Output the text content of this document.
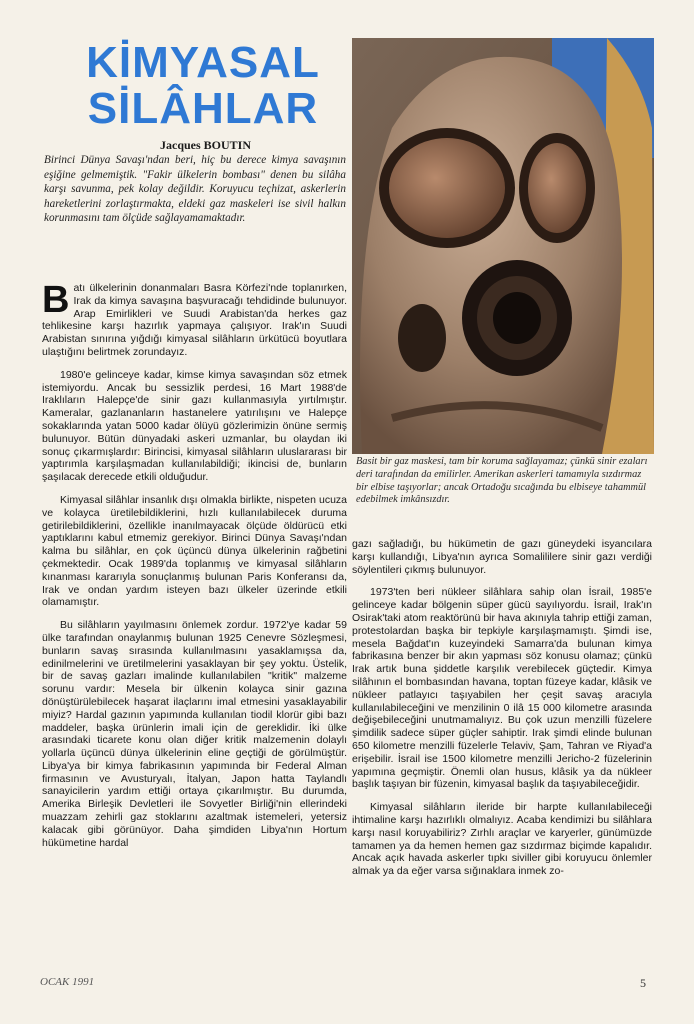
KİMYASAL
SİLÂHLAR
Jacques BOUTIN
Birinci Dünya Savaşı'ndan beri, hiç bu derece kimya savaşının eşiğine gelmemiştik. "Fakir ülkelerin bombası" denen bu silâha karşı savunma, pek kolay değildir. Koruyucu teçhizat, askerlerin hareketlerini zorlaştırmakta, eldeki gaz maskeleri ise sivil halkın korunmasını tam ölçüde sağlayamamaktadır.

Batı ülkelerinin donanmaları Basra Körfezi'nde toplanırken, Irak da kimya savaşına başvuracağı tehdidinde bulunuyor. Arap Emirlikleri ve Suudi Arabistan'da herkes gaz tehlikesine karşı hazırlık yapmaya çalışıyor. Irak'ın Suudi Arabistan sınırına yığdığı kimyasal silâhların ürkütücü boyutlara ulaştığını belirtmek zorundayız.

1980'e gelinceye kadar, kimse kimya savaşından söz etmek istemiyordu. Ancak bu sessizlik perdesi, 16 Mart 1988'de Iraklıların Halepçe'de sinir gazı kullanmasıyla yırtılmıştır. Kameralar, gazlananların hastanelere yatırılışını ve Halepçe sokaklarında yatan 5000 kadar ölüyü gözlerimizin önüne sermiş bulunuyor. Bütün dünyadaki askeri uzmanlar, bu olaydan iki sonuç çıkarmışlardır: Birincisi, kimyasal silâhların uluslararası bir yaptırımla karşılaşmadan kullanılabildiği; ikincisi de, bunların şaşılacak derecede etkili olduğudur.

Kimyasal silâhlar insanlık dışı olmakla birlikte, nispeten ucuza ve kolayca üretilebildiklerini, hızlı kullanılabilecek duruma getirilebildiklerini, özellikle inanılmayacak ölçüde öldürücü etki yaptıklarını kabul etmemiz gerekiyor. Birinci Dünya Savaşı'ndan kalma bu silâhlar, en çok üçüncü dünya ülkelerinin rağbetini çekmektedir. Ocak 1989'da toplanmış ve kimyasal silâhların kınanması kararıyla sonuçlanmış bulunan Paris Konferansı da, Irak ve ondan yardım isteyen bazı ülkeler üzerinde etkili olamamıştır.

Bu silâhların yayılmasını önlemek zordur. 1972'ye kadar 59 ülke tarafından onaylanmış bulunan 1925 Cenevre Sözleşmesi, bunların savaş sırasında kullanılmasını yasaklamışsa da, edinilmelerini ve üretilmelerini yasaklayan bir şey yoktu. Üstelik, bir de savaş gazları imalinde kullanılabilen "kritik" malzeme sorunu vardır: Mesela bir ülkenin kolayca sinir gazına dönüştürülebilecek haşarat ilaçlarını imal etmesini yasaklayabilir miyiz? Hardal gazının yapımında kullanılan tiodil klorür gibi bazı maddeler, başka ürünlerin imali için de gereklidir. İki ülke arasındaki ticarete konu olan diğer kritik malzemenin dolaylı yollarla üçüncü dünya ülkelerinin eline geçtiği de görülmüştür. Libya'ya bir kimya fabrikasının yapımında bir Federal Alman firmasının ve Avusturyalı, İtalyan, Japon hatta Taylandlı sanayicilerin yardım ettiği ortaya çıkarılmıştır. Bu durumda, Amerika Birleşik Devletleri ile Sovyetler Birliği'nin ellerindeki muazzam zehirli gaz stoklarını azaltmak istemeleri, yetersiz kalacak gibi görünüyor. Daha şimdiden Libya'nın Hortum hükümetine hardal

Basit bir gaz maskesi, tam bir koruma sağlayamaz; çünkü sinir ezaları deri tarafından da emilirler. Amerikan askerleri tamamıyla sızdırmaz bir elbise taşıyorlar; ancak Ortadoğu sıcağında bu elbiseye tahammül edebilmek imkânsızdır.

gazı sağladığı, bu hükümetin de gazı güneydeki isyancılara karşı kullandığı, Libya'nın ayrıca Somalililere sinir gazı verdiği söylentileri çıkmış bulunuyor.

1973'ten beri nükleer silâhlara sahip olan İsrail, 1985'e gelinceye kadar bölgenin süper gücü sayılıyordu. İsrail, Irak'ın Osirak'taki atom reaktörünü bir hava akınıyla tahrip ettiği zaman, protestolardan başka bir tepkiyle karşılaşmamıştı. Şimdi ise, mesela Bağdat'ın kuzeyindeki Samarra'da bulunan kimya fabrikasına benzer bir akın yapması söz konusu olamaz; çünkü Irak artık buna şiddetle karşılık verebilecek güçtedir. Kimya silâhının el bombasından havana, toptan füzeye kadar, klâsik ve nükleer patlayıcı taşıyabilen her çeşit savaş aracıyla kullanılabileceğini ve menzilinin 0 ilâ 15 000 kilometre arasında değişebileceğini unutmamalıyız. Bu çok uzun menzilli füzelere şimdilik sadece süper güçler sahiptir. Irak şimdi elinde bulunan 650 kilometre menzilli füzelerle Telaviv, Şam, Tahran ve Riyad'a erişebilir. İsrail ise 1500 kilometre menzilli Jericho-2 füzelerinin yapımına geçmiştir. Önemli olan husus, klâsik ya da nükleer başlık taşıyan bir füzenin, kimyasal başlık da taşıyabileceğidir.

Kimyasal silâhların ileride bir harpte kullanılabileceği ihtimaline karşı hazırlıklı olmalıyız. Acaba kendimizi bu silâhlara karşı nasıl koruyabiliriz? Zırhlı araçlar ve karyerler, günümüzde tamamen ya da hemen hemen gaz sızdırmaz biçimde kapalıdır. Ancak açık havada askerler tıpkı siviller gibi koruyucu önlemler almak ya da eğer varsa sığınaklara inmek zo-

OCAK 1991	5
